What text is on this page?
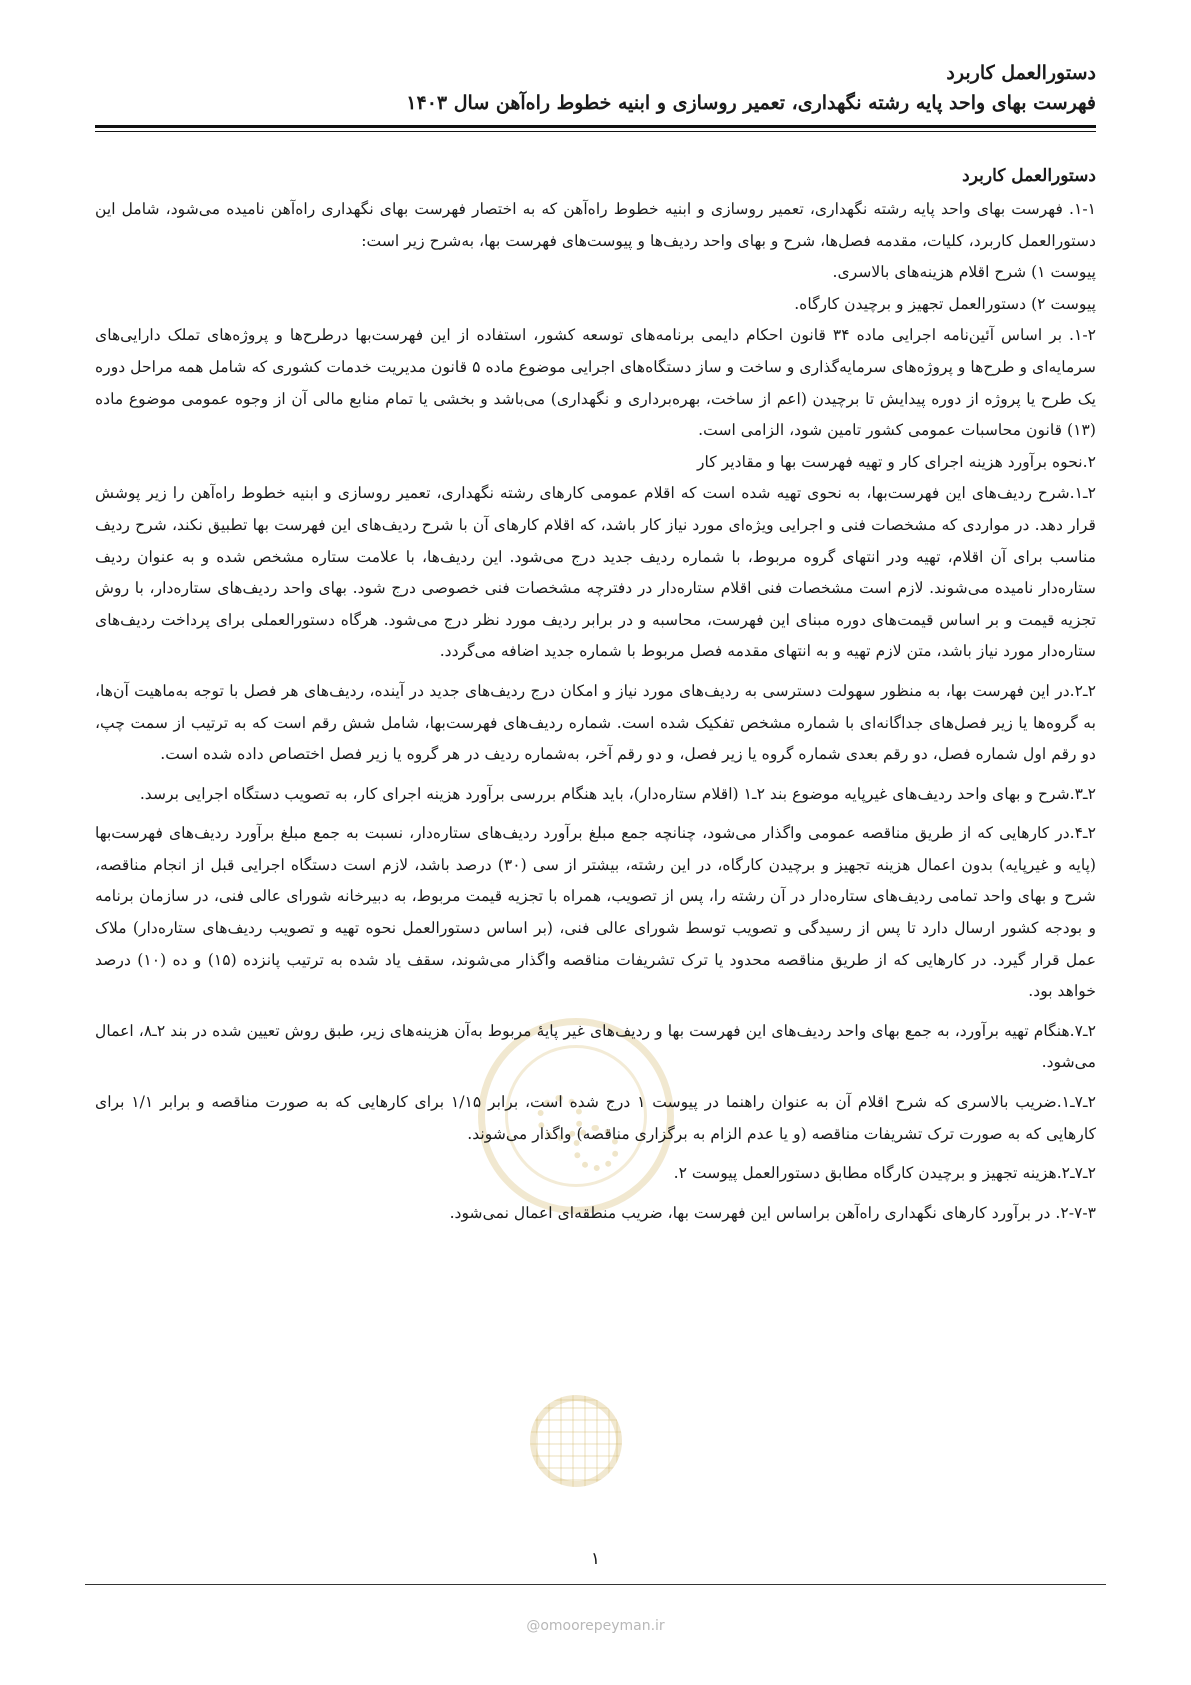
دستورالعمل کاربرد
فهرست بهای واحد پایه رشته نگهداری، تعمیر روسازی و ابنیه خطوط راه‌آهن سال ۱۴۰۳
دستورالعمل کاربرد

۱-۱. فهرست بهای واحد پایه رشته نگهداری، تعمیر روسازی و ابنیه خطوط راه‌آهن که به اختصار فهرست بهای نگهداری راه‌آهن نامیده می‌شود، شامل این دستورالعمل کاربرد، کلیات، مقدمه فصل‌ها، شرح و بهای واحد ردیف‌ها و پیوست‌های فهرست بها، به‌شرح زیر است:

پیوست ۱) شرح اقلام هزینه‌های بالاسری.

پیوست ۲) دستورالعمل تجهیز و برچیدن کارگاه.

۱-۲. بر اساس آئین‌نامه اجرایی ماده ۳۴ قانون احکام دایمی برنامه‌های توسعه کشور، استفاده از این فهرست‌بها درطرح‌ها و پروژه‌های تملک دارایی‌های سرمایه‌ای و طرح‌ها و پروژه‌های سرمایه‌گذاری و ساخت و ساز دستگاه‌های اجرایی موضوع ماده ۵ قانون مدیریت خدمات کشوری که شامل همه مراحل دوره یک طرح یا پروژه از دوره پیدایش تا برچیدن (اعم از ساخت، بهره‌برداری و نگهداری) می‌باشد و بخشی یا تمام منابع مالی آن از وجوه عمومی موضوع ماده (۱۳) قانون محاسبات عمومی کشور تامین شود، الزامی است.

۲.نحوه برآورد هزینه اجرای کار و تهیه فهرست بها و مقادیر کار

۲ـ۱.شرح ردیف‌های این فهرست‌بها، به نحوی تهیه شده است که اقلام عمومی کارهای رشته نگهداری، تعمیر روسازی و ابنیه خطوط راه‌آهن را زیر پوشش قرار دهد. در مواردی که مشخصات فنی و اجرایی ویژه‌ای مورد نیاز کار باشد، که اقلام کارهای آن با شرح ردیف‌های این فهرست بها تطبیق نکند، شرح ردیف مناسب برای آن اقلام، تهیه ودر انتهای گروه مربوط، با شماره ردیف جدید درج می‌شود. این ردیف‌ها، با علامت ستاره مشخص شده و به عنوان ردیف ستاره‌دار نامیده می‌شوند. لازم است مشخصات فنی اقلام ستاره‌دار در دفترچه مشخصات فنی خصوصی درج شود. بهای واحد ردیف‌های ستاره‌دار، با روش تجزیه قیمت و بر اساس قیمت‌های دوره مبنای این فهرست، محاسبه و در برابر ردیف مورد نظر درج می‌شود. هرگاه دستورالعملی برای پرداخت ردیف‌های ستاره‌دار مورد نیاز باشد، متن لازم تهیه و به انتهای مقدمه فصل مربوط با شماره جدید اضافه می‌گردد.

۲ـ۲.در این فهرست بها، به منظور سهولت دسترسی به ردیف‌های مورد نیاز و امکان درج ردیف‌های جدید در آینده، ردیف‌های هر فصل با توجه به‌ماهیت آن‌ها، به گروه‌ها یا زیر فصل‌های جداگانه‌ای با شماره مشخص تفکیک شده است. شماره ردیف‌های فهرست‌بها، شامل شش رقم است که به ترتیب از سمت چپ، دو رقم اول شماره فصل، دو رقم بعدی شماره گروه یا زیر فصل، و دو رقم آخر، به‌شماره ردیف در هر گروه یا زیر فصل اختصاص داده شده است.

۲ـ۳.شرح و بهای واحد ردیف‌های غیرپایه موضوع بند ۲ـ۱ (اقلام ستاره‌دار)، باید هنگام بررسی برآورد هزینه اجرای کار، به تصویب دستگاه اجرایی برسد.

۲ـ۴.در کارهایی که از طریق مناقصه عمومی واگذار می‌شود، چنانچه جمع مبلغ برآورد ردیف‌های ستاره‌دار، نسبت به جمع مبلغ برآورد ردیف‌های فهرست‌بها (پایه و غیرپایه) بدون اعمال هزینه تجهیز و برچیدن کارگاه، در این رشته، بیشتر از سی (۳۰) درصد باشد، لازم است دستگاه اجرایی قبل از انجام مناقصه، شرح و بهای واحد تمامی ردیف‌های ستاره‌دار در آن رشته را، پس از تصویب، همراه با تجزیه قیمت مربوط، به دبیرخانه شورای عالی فنی، در سازمان برنامه و بودجه کشور ارسال دارد تا پس از رسیدگی و تصویب توسط شورای عالی فنی، (بر اساس دستورالعمل نحوه تهیه و تصویب ردیف‌های ستاره‌دار) ملاک عمل قرار گیرد. در کارهایی که از طریق مناقصه محدود یا ترک تشریفات مناقصه واگذار می‌شوند، سقف یاد شده به ترتیب پانزده (۱۵) و ده (۱۰) درصد خواهد بود.

۲ـ۷.هنگام تهیه برآورد، به جمع بهای واحد ردیف‌های این فهرست بها و ردیف‌های غیر پایهٔ مربوط به‌آن هزینه‌های زیر، طبق روش تعیین شده در بند ۲ـ۸، اعمال می‌شود.

۲ـ۷ـ۱.ضریب بالاسری که شرح اقلام آن به عنوان راهنما در پیوست ۱ درج شده است، برابر ۱/۱۵ برای کارهایی که به صورت مناقصه و برابر ۱/۱ برای کارهایی که به صورت ترک تشریفات مناقصه (و یا عدم الزام به برگزاری مناقصه) واگذار می‌شوند.

۲ـ۷ـ۲.هزینه تجهیز و برچیدن کارگاه مطابق دستورالعمل پیوست ۲.

۲-۷-۳. در برآورد کارهای نگهداری راه‌آهن براساس این فهرست بها، ضریب منطقه‌ای اعمال نمی‌شود.

۱
@omoorepeyman.ir
